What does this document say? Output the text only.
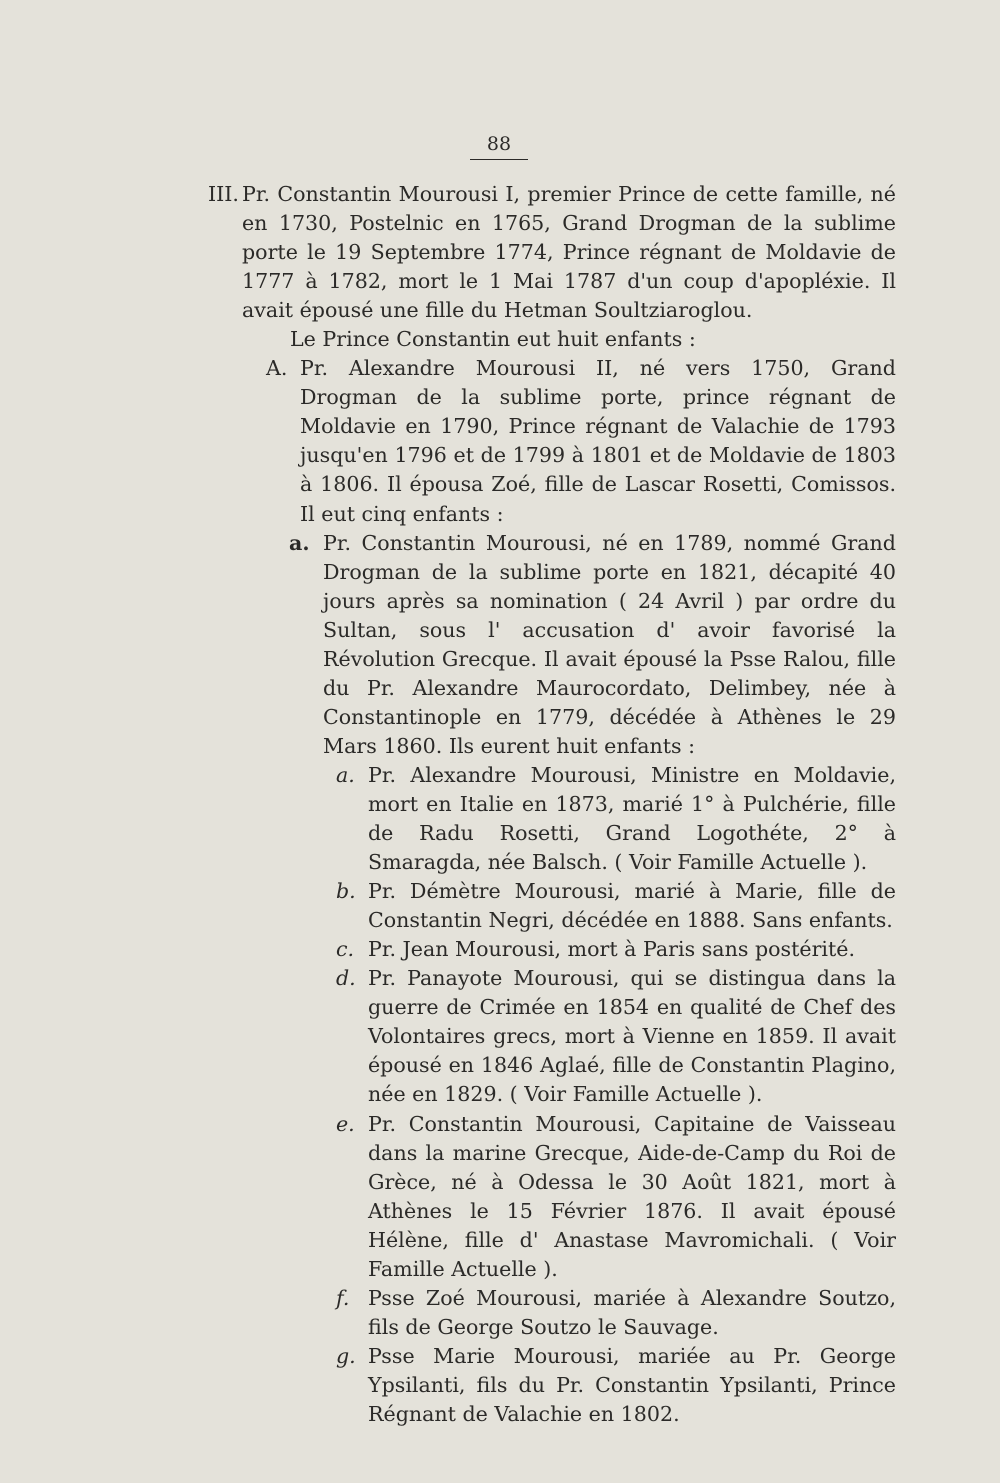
88

III. Pr. Constantin Mourousi I, premier Prince de cette famille, né en 1730, Postelnic en 1765, Grand Drogman de la sublime porte le 19 Septembre 1774, Prince régnant de Moldavie de 1777 à 1782, mort le 1 Mai 1787 d'un coup d'apopléxie. Il avait épousé une fille du Hetman Soultziaroglou.

Le Prince Constantin eut huit enfants :

A. Pr. Alexandre Mourousi II, né vers 1750, Grand Drogman de la sublime porte, prince régnant de Moldavie en 1790, Prince régnant de Valachie de 1793 jusqu'en 1796 et de 1799 à 1801 et de Moldavie de 1803 à 1806. Il épousa Zoé, fille de Lascar Rosetti, Comissos. Il eut cinq enfants :

a. Pr. Constantin Mourousi, né en 1789, nommé Grand Drogman de la sublime porte en 1821, décapité 40 jours après sa nomination ( 24 Avril ) par ordre du Sultan, sous l' accusation d' avoir favorisé la Révolution Grecque. Il avait épousé la Psse Ralou, fille du Pr. Alexandre Maurocordato, Delimbey, née à Constantinople en 1779, décédée à Athènes le 29 Mars 1860. Ils eurent huit enfants :

a. Pr. Alexandre Mourousi, Ministre en Moldavie, mort en Italie en 1873, marié 1° à Pulchérie, fille de Radu Rosetti, Grand Logothéte, 2° à Smaragda, née Balsch. ( Voir Famille Actuelle ).

b. Pr. Démètre Mourousi, marié à Marie, fille de Constantin Negri, décédée en 1888. Sans enfants.

c. Pr. Jean Mourousi, mort à Paris sans postérité.

d. Pr. Panayote Mourousi, qui se distingua dans la guerre de Crimée en 1854 en qualité de Chef des Volontaires grecs, mort à Vienne en 1859. Il avait épousé en 1846 Aglaé, fille de Constantin Plagino, née en 1829. ( Voir Famille Actuelle ).

e. Pr. Constantin Mourousi, Capitaine de Vaisseau dans la marine Grecque, Aide-de-Camp du Roi de Grèce, né à Odessa le 30 Août 1821, mort à Athènes le 15 Février 1876. Il avait épousé Hélène, fille d' Anastase Mavromichali. ( Voir Famille Actuelle ).

f. Psse Zoé Mourousi, mariée à Alexandre Soutzo, fils de George Soutzo le Sauvage.

g. Psse Marie Mourousi, mariée au Pr. George Ypsilanti, fils du Pr. Constantin Ypsilanti, Prince Régnant de Valachie en 1802.
